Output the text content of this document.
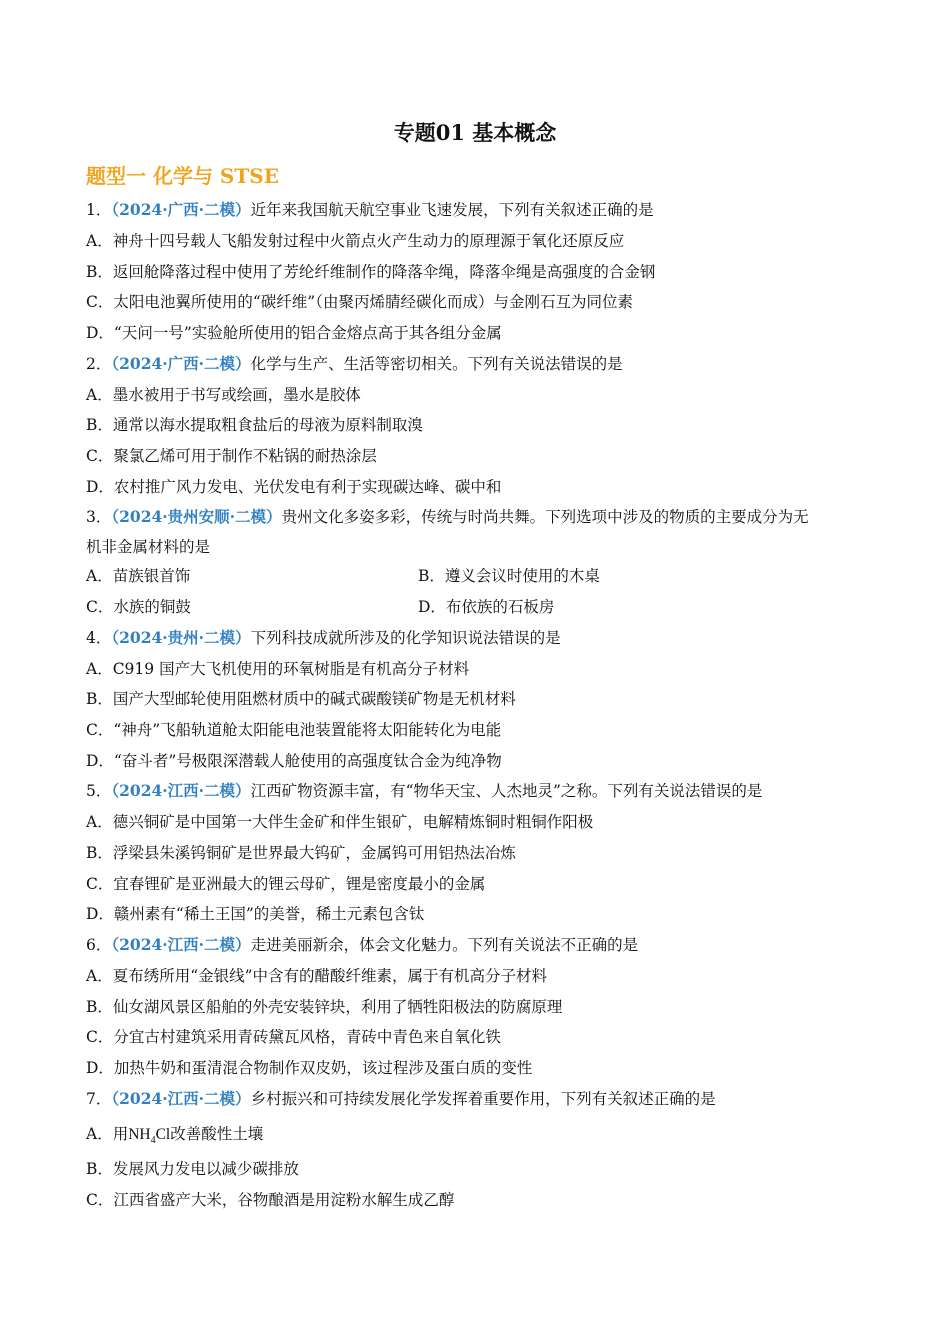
专题01 基本概念
题型一 化学与 STSE
1．（2024·广西·二模）近年来我国航天航空事业飞速发展，下列有关叙述正确的是
A．神舟十四号载人飞船发射过程中火箭点火产生动力的原理源于氧化还原反应
B．返回舱降落过程中使用了芳纶纤维制作的降落伞绳，降落伞绳是高强度的合金钢
C．太阳电池翼所使用的“碳纤维”（由聚丙烯腈经碳化而成）与金刚石互为同位素
D．“天问一号”实验舱所使用的铝合金熔点高于其各组分金属
2．（2024·广西·二模）化学与生产、生活等密切相关。下列有关说法错误的是
A．墨水被用于书写或绘画，墨水是胶体
B．通常以海水提取粗食盐后的母液为原料制取溴
C．聚氯乙烯可用于制作不粘锅的耐热涂层
D．农村推广风力发电、光伏发电有利于实现碳达峰、碳中和
3．（2024·贵州安顺·二模）贵州文化多姿多彩，传统与时尚共舞。下列选项中涉及的物质的主要成分为无
机非金属材料的是
A．苗族银首饰	B．遵义会议时使用的木桌
C．水族的铜鼓	D．布依族的石板房
4．（2024·贵州·二模）下列科技成就所涉及的化学知识说法错误的是
A．C919 国产大飞机使用的环氧树脂是有机高分子材料
B．国产大型邮轮使用阻燃材质中的碱式碳酸镁矿物是无机材料
C．“神舟”飞船轨道舱太阳能电池装置能将太阳能转化为电能
D．“奋斗者”号极限深潜载人舱使用的高强度钛合金为纯净物
5．（2024·江西·二模）江西矿物资源丰富，有“物华天宝、人杰地灵”之称。下列有关说法错误的是
A．德兴铜矿是中国第一大伴生金矿和伴生银矿，电解精炼铜时粗铜作阳极
B．浮梁县朱溪钨铜矿是世界最大钨矿，金属钨可用铝热法冶炼
C．宜春锂矿是亚洲最大的锂云母矿，锂是密度最小的金属
D．赣州素有“稀土王国”的美誉，稀土元素包含钛
6．（2024·江西·二模）走进美丽新余，体会文化魅力。下列有关说法不正确的是
A．夏布绣所用“金银线”中含有的醋酸纤维素，属于有机高分子材料
B．仙女湖风景区船舶的外壳安装锌块，利用了牺牲阳极法的防腐原理
C．分宜古村建筑采用青砖黛瓦风格，青砖中青色来自氧化铁
D．加热牛奶和蛋清混合物制作双皮奶，该过程涉及蛋白质的变性
7．（2024·江西·二模）乡村振兴和可持续发展化学发挥着重要作用，下列有关叙述正确的是
A．用$NH_4Cl$改善酸性土壤
B．发展风力发电以减少碳排放
C．江西省盛产大米，谷物酿酒是用淀粉水解生成乙醇
